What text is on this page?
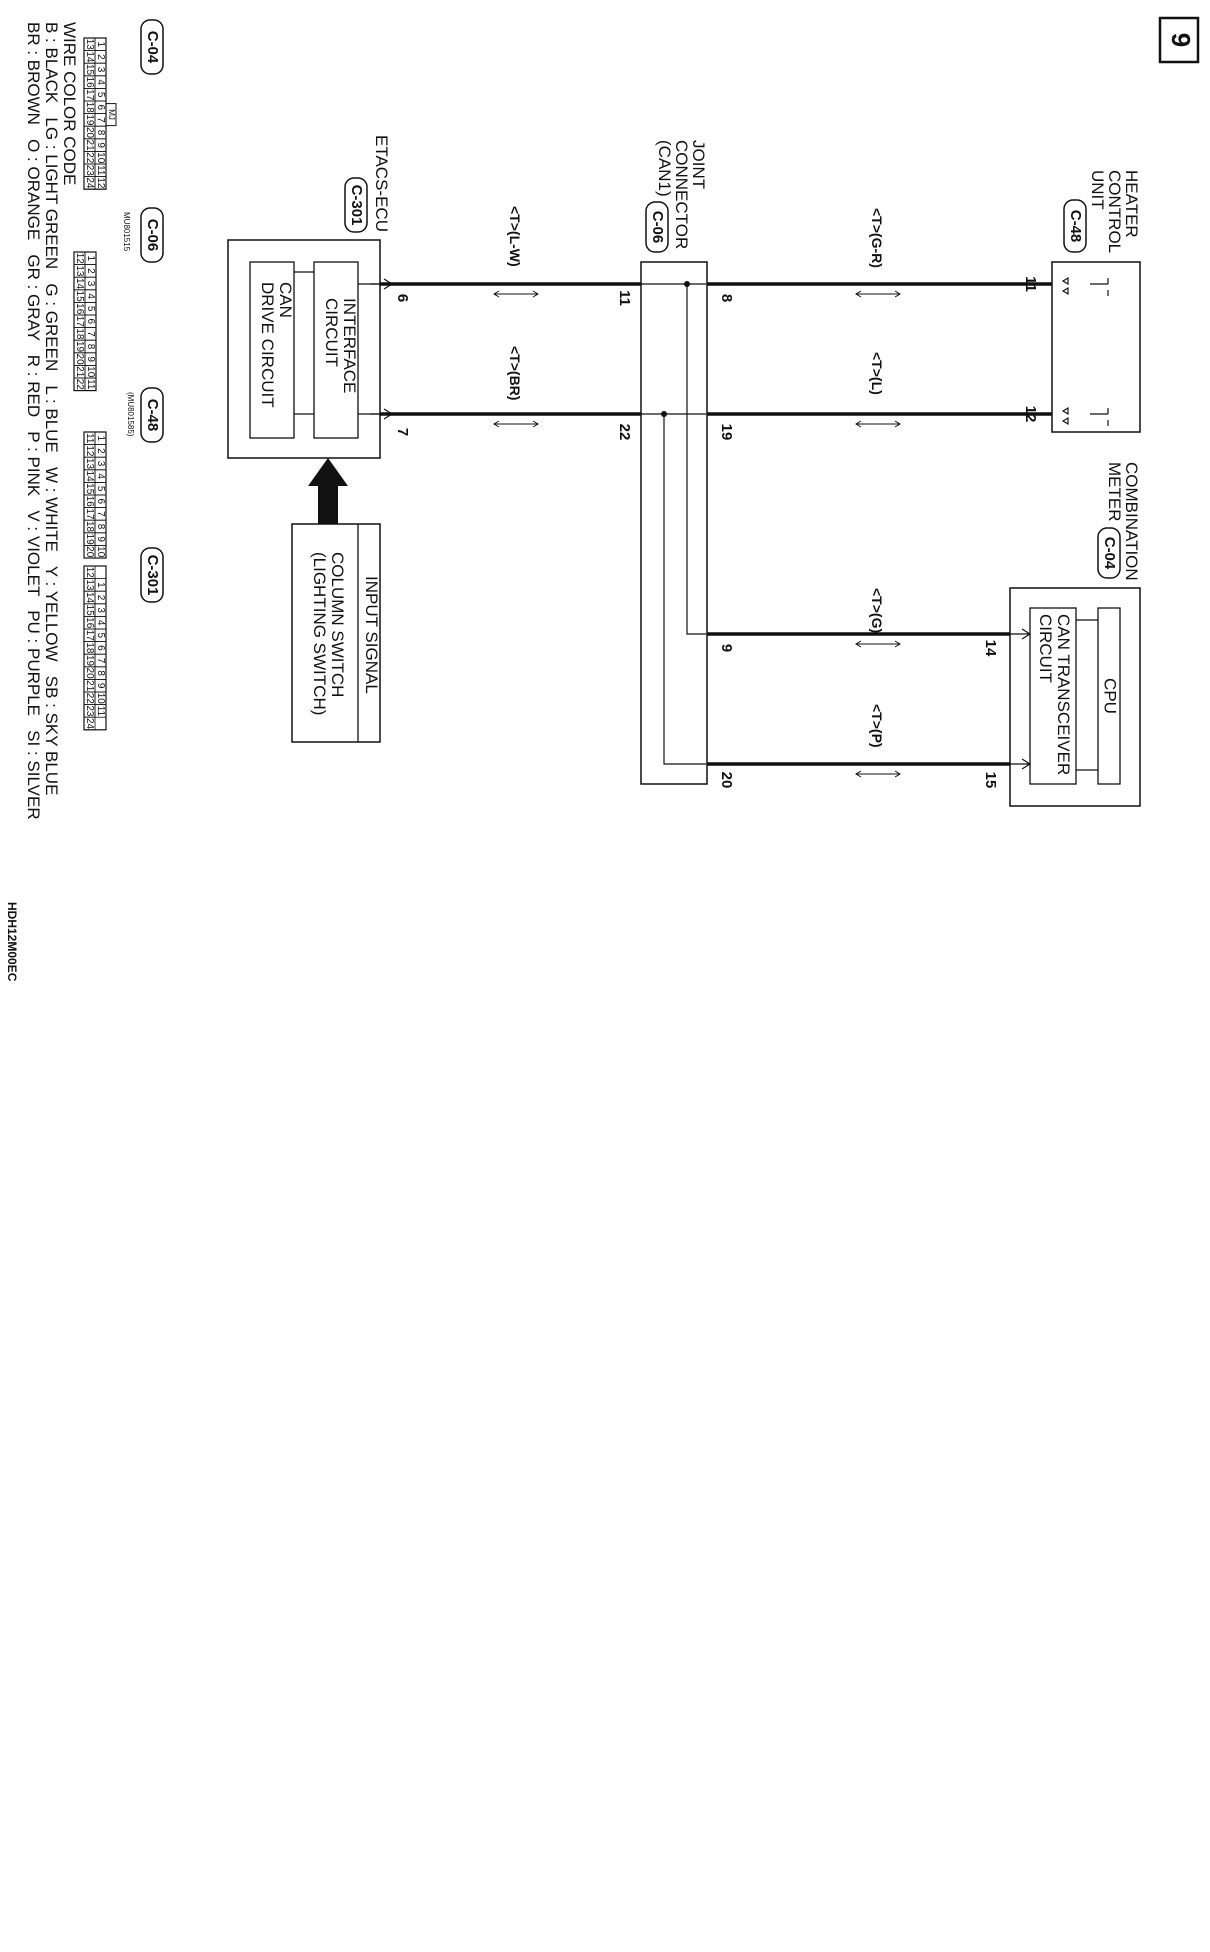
9
HEATER
CONTROL
UNIT
C-48
11
12
JOINT
CONNECTOR
(CAN1)
C-06
8
19
9
20
11
22
COMBINATION
METER
C-04
CPU
CAN TRANSCEIVER
CIRCUIT
14
15
ETACS-ECU
C-301
INTERFACE
CIRCUIT
CAN
DRIVE CIRCUIT	6
7
INPUT SIGNAL
COLUMN SWITCH
(LIGHTING SWITCH)
<T>(G-R)
<T>(L)
<T>(G)
<T>(P)
<T>(L-W)
<T>(BR)
C-04
1
2
3
4
5
6
7
8
9
10
11
12
13
14
15
16
17
18
19
20
21
22
23
24
MJ
C-06
MU801515
1
2
3
4
5
6
7
8
9
10
11
12
13
14
15
16
17
18
19
20
21
22
C-48
(MU801585)
1
2
3
4
5
6
7
8
9
10
11
12
13
14
15
16
17
18
19
20
C-301
1
2
3
4
5
6
7
8
9
10
11
12
13
14
15
16
17
18
19
20
21
22
23
24
WIRE COLOR CODE
B : BLACK   LG : LIGHT GREEN   G : GREEN   L : BLUE   W : WHITE   Y : YELLOW   SB : SKY BLUE
BR : BROWN   O : ORANGE   GR : GRAY   R : RED   P : PINK   V : VIOLET   PU : PURPLE   SI : SILVER
HDH12M00EC
